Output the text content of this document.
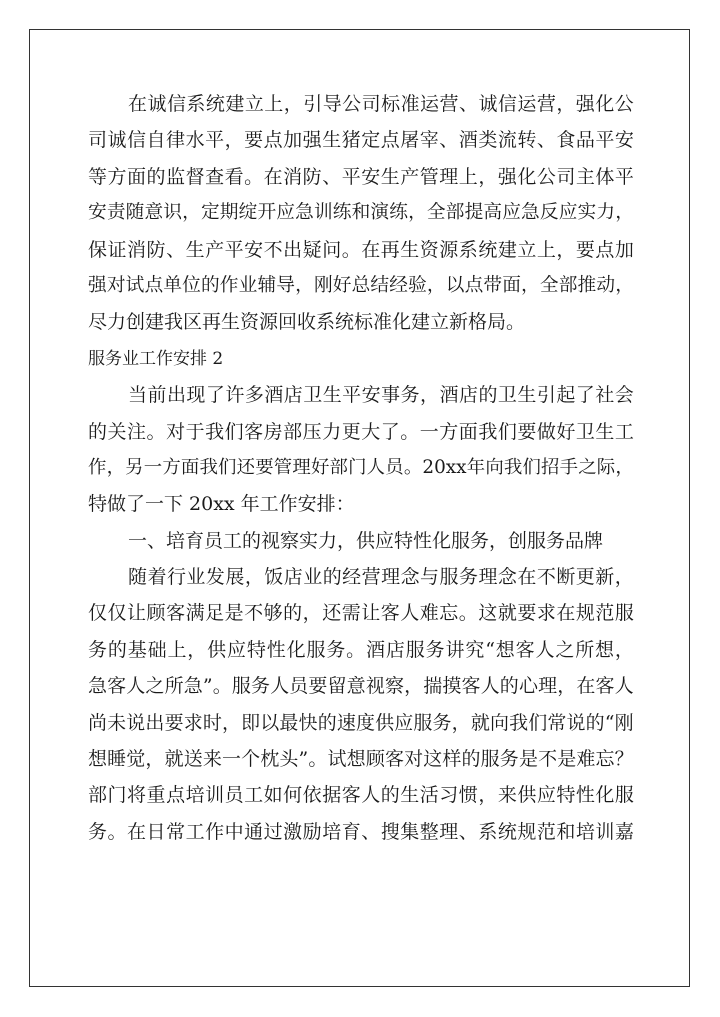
在 诚 信 系 统 建 立 上 ， 引 导 公 司 标 准 运 营 、 诚 信 运 营 ， 强 化 公
司 诚 信 自 律 水 平 ， 要 点 加 强 生 猪 定 点 屠 宰 、 酒 类 流 转 、 食 品 平 安
等 方 面 的 监 督 查 看 。 在 消 防 、 平 安 生 产 管 理 上 ， 强 化 公 司 主 体 平
安 责 随 意 识 ， 定 期 绽 开 应 急 训 练 和 演 练 ， 全 部 提 高 应 急 反 应 实 力 ，
保 证 消 防 、 生 产 平 安 不 出 疑 问 。 在 再 生 资 源 系 统 建 立 上 ， 要 点 加
强 对 试 点 单 位 的 作 业 辅 导 ， 刚 好 总 结 经 验 ， 以 点 带 面 ， 全 部 推 动 ，
尽力创建我区再生资源回收系统标准化建立新格局。
服务业工作安排 2
当 前 出 现 了 许 多 酒 店 卫 生 平 安 事 务 ， 酒 店 的 卫 生 引 起 了 社 会
的 关 注 。 对 于 我 们 客 房 部 压 力 更 大 了 。 一 方 面 我 们 要 做 好 卫 生 工
作 ， 另 一 方 面 我 们 还 要 管 理 好 部 门 人 员 。 20xx 年 向 我 们 招 手 之 际 ，
特做了一下 20xx 年工作安排：
一、培育员工的视察实力，供应特性化服务，创服务品牌
随 着 行 业 发 展 ， 饭 店 业 的 经 营 理 念 与 服 务 理 念 在 不 断 更 新 ，
仅 仅 让 顾 客 满 足 是 不 够 的 ， 还 需 让 客 人 难 忘 。 这 就 要 求 在 规 范 服
务 的 基 础 上 ， 供 应 特 性 化 服 务 。 酒 店 服 务 讲 究 “ 想 客 人 之 所 想 ，
急 客 人 之 所 急 ” 。 服 务 人 员 要 留 意 视 察 ， 揣 摸 客 人 的 心 理 ， 在 客 人
尚 未 说 出 要 求 时 ， 即 以 最 快 的 速 度 供 应 服 务 ， 就 向 我 们 常 说 的 “ 刚
想 睡 觉 ， 就 送 来 一 个 枕 头 ” 。 试 想 顾 客 对 这 样 的 服 务 是 不 是 难 忘 ？
部 门 将 重 点 培 训 员 工 如 何 依 据 客 人 的 生 活 习 惯 ， 来 供 应 特 性 化 服
务 。 在 日 常 工 作 中 通 过 激 励 培 育 、 搜 集 整 理 、 系 统 规 范 和 培 训 嘉
